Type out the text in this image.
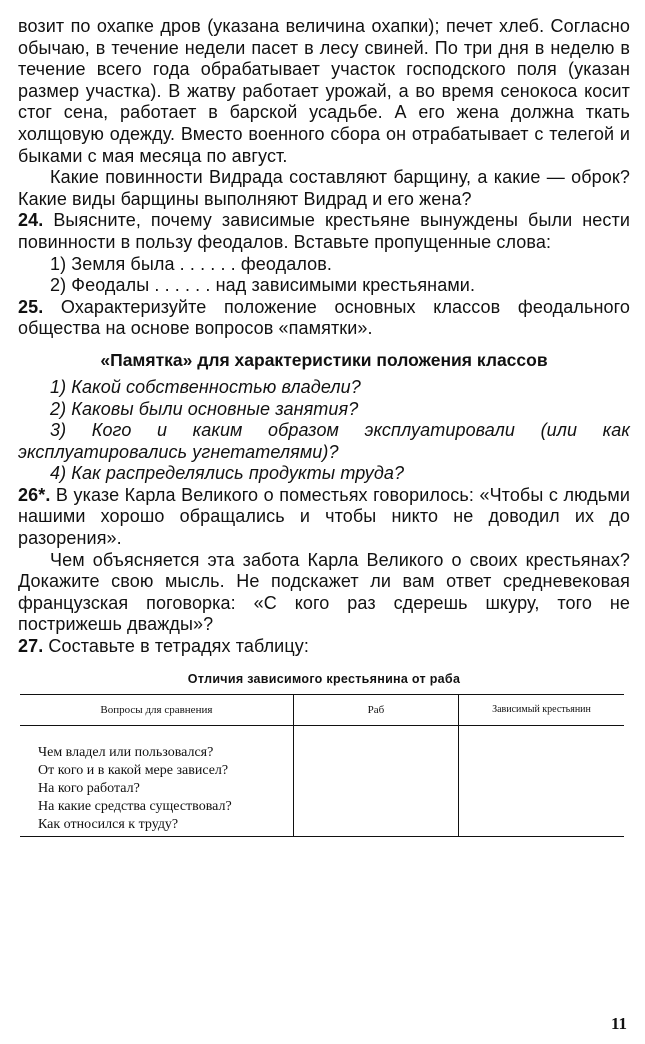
возит по охапке дров (указана величина охапки); печет хлеб. Согласно обычаю, в течение недели пасет в лесу свиней. По три дня в неделю в течение всего года обрабатывает участок господского поля (указан размер участка). В жатву работает урожай, а во время сенокоса косит стог сена, работает в барской усадьбе. А его жена должна ткать холщовую одежду. Вместо военного сбора он отрабатывает с телегой и быками с мая месяца по август.

Какие повинности Видрада составляют барщину, а какие — оброк? Какие виды барщины выполняют Видрад и его жена?

24. Выясните, почему зависимые крестьяне вынуждены были нести повинности в пользу феодалов. Вставьте пропущенные слова:

1) Земля была . . . . . . феодалов.

2) Феодалы . . . . . . над зависимыми крестьянами.

25. Охарактеризуйте положение основных классов феодального общества на основе вопросов «памятки».

«Памятка» для характеристики положения классов

1) Какой собственностью владели?

2) Каковы были основные занятия?

3) Кого и каким образом эксплуатировали (или как эксплуатировались угнетателями)?

4) Как распределялись продукты труда?

26*. В указе Карла Великого о поместьях говорилось: «Чтобы с людьми нашими хорошо обращались и чтобы никто не доводил их до разорения».

Чем объясняется эта забота Карла Великого о своих крестьянах? Докажите свою мысль. Не подскажет ли вам ответ средневековая французская поговорка: «С кого раз сдерешь шкуру, того не пострижешь дважды»?

27. Составьте в тетрадях таблицу:

Отличия зависимого крестьянина от раба
Вопросы для сравнения	Раб	Зависимый крестьянин

Чем владел или пользовался?
От кого и в какой мере зависел?
На кого работал?
На какие средства существовал?
Как относился к труду?		

11
